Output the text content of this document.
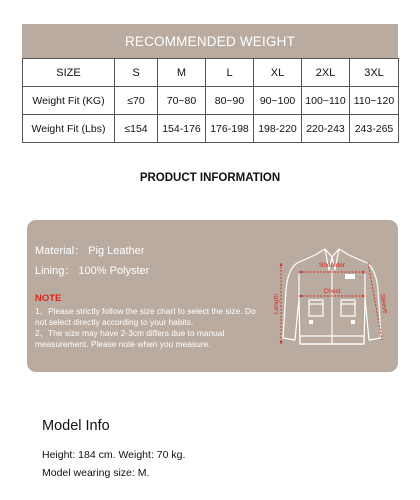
RECOMMENDED WEIGHT
SIZE	S	M	L	XL	2XL	3XL
Weight Fit (KG)	≤70	70~80	80~90	90~100	100~110	110~120
Weight Fit (Lbs)	≤154	154-176	176-198	198-220	220-243	243-265
PRODUCT INFORMATION
Material： Pig Leather
Lining： 100% Polyster
NOTE

1、Please strictly follow the size chart to select the size. Do not select directly according to your habits.

2、The size may have 2-3cm differs due to manual measurement. Please note when you measure.

Shoulder
Chest
Length	Sleeve
Model Info
Height: 184 cm. Weight: 70 kg.
Model wearing size: M.
